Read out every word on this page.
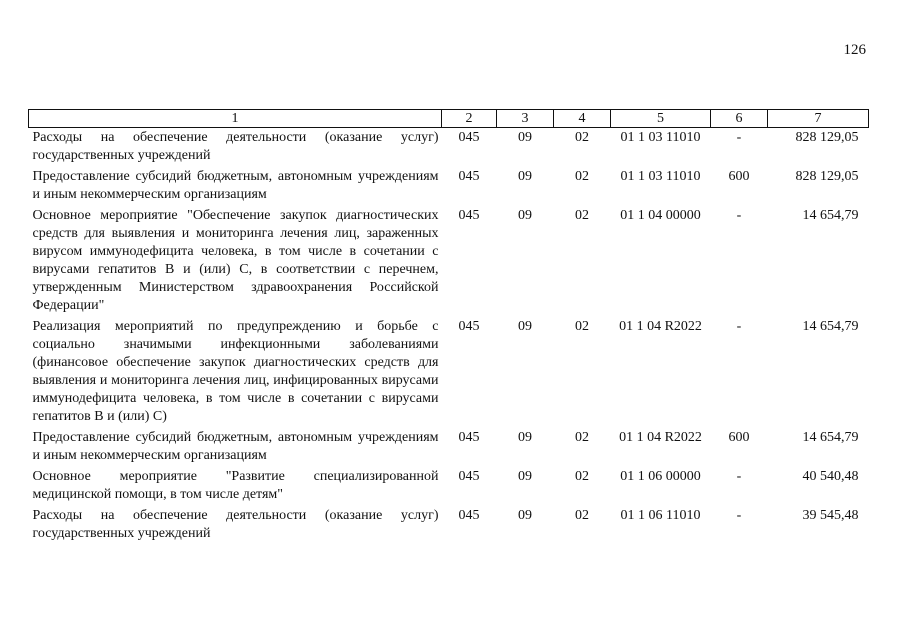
126
1	2	3	4	5	6	7
Расходы на обеспечение деятельности (оказание услуг) государственных учреждений	045	09	02	01 1 03 11010	-	828 129,05
Предоставление субсидий бюджетным, автономным учреждениям и иным некоммерческим организациям	045	09	02	01 1 03 11010	600	828 129,05
Основное мероприятие "Обеспечение закупок диагностических средств для выявления и мониторинга лечения лиц, зараженных вирусом иммунодефицита человека, в том числе в сочетании с вирусами гепатитов В и (или) С, в соответствии с перечнем, утвержденным Министерством здравоохранения Российской Федерации"	045	09	02	01 1 04 00000	-	14 654,79
Реализация мероприятий по предупреждению и борьбе с социально значимыми инфекционными заболеваниями (финансовое обеспечение закупок диагностических средств для выявления и мониторинга лечения лиц, инфицированных вирусами иммунодефицита человека, в том числе в сочетании с вирусами гепатитов В и (или) С)	045	09	02	01 1 04 R2022	-	14 654,79
Предоставление субсидий бюджетным, автономным учреждениям и иным некоммерческим организациям	045	09	02	01 1 04 R2022	600	14 654,79
Основное мероприятие "Развитие специализированной медицинской помощи, в том числе детям"	045	09	02	01 1 06 00000	-	40 540,48
Расходы на обеспечение деятельности (оказание услуг) государственных учреждений	045	09	02	01 1 06 11010	-	39 545,48
